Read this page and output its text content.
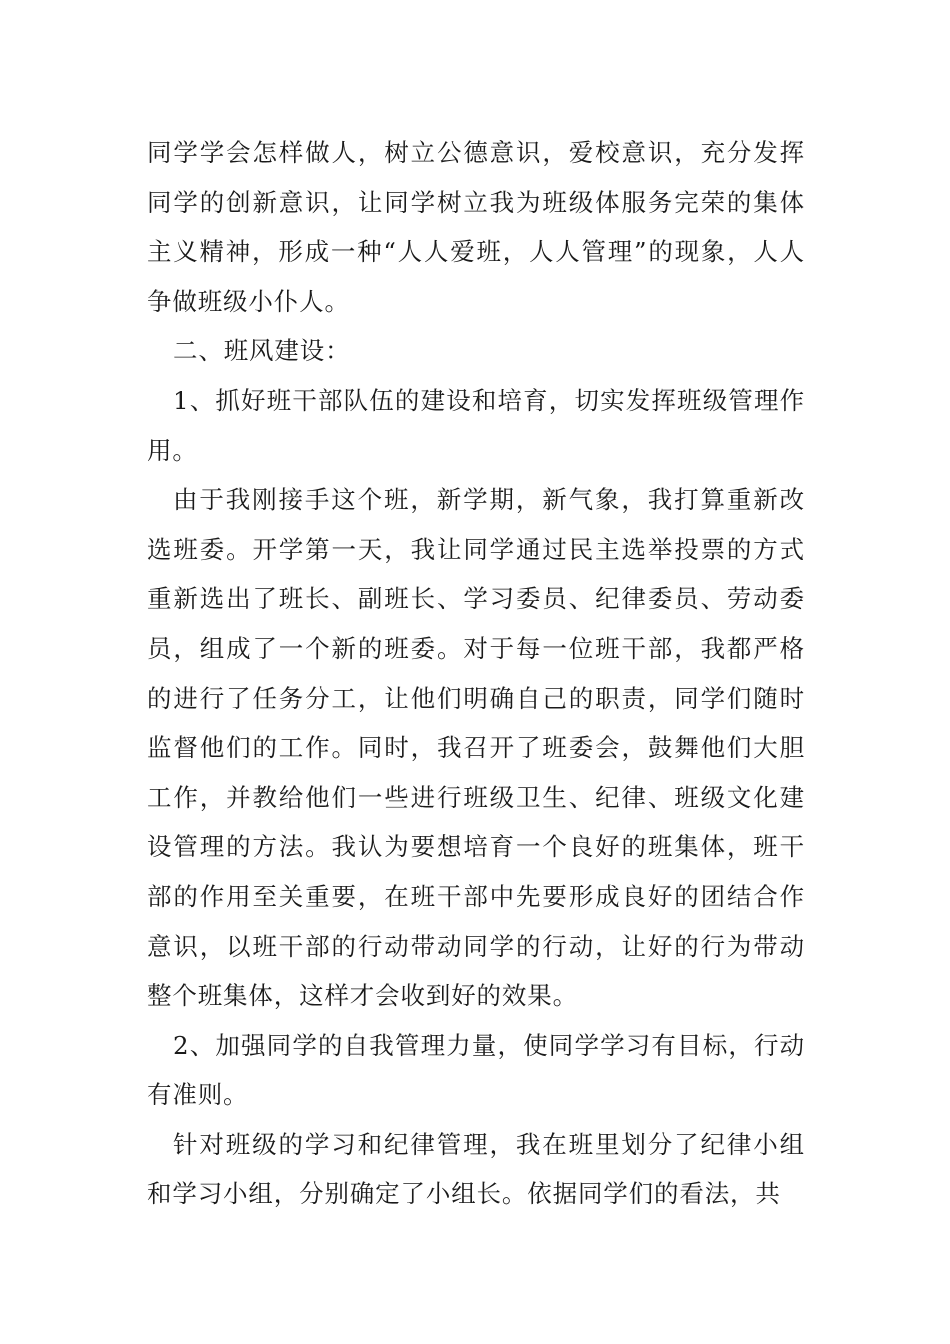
同学学会怎样做人，树立公德意识，爱校意识，充分发挥同学的创新意识，让同学树立我为班级体服务完荣的集体主义精神，形成一种“人人爱班，人人管理”的现象，人人争做班级小仆人。

二、班风建设：

1、抓好班干部队伍的建设和培育，切实发挥班级管理作用。

由于我刚接手这个班，新学期，新气象，我打算重新改选班委。开学第一天，我让同学通过民主选举投票的方式重新选出了班长、副班长、学习委员、纪律委员、劳动委员，组成了一个新的班委。对于每一位班干部，我都严格的进行了任务分工，让他们明确自己的职责，同学们随时监督他们的工作。同时，我召开了班委会，鼓舞他们大胆工作，并教给他们一些进行班级卫生、纪律、班级文化建设管理的方法。我认为要想培育一个良好的班集体，班干部的作用至关重要，在班干部中先要形成良好的团结合作意识，以班干部的行动带动同学的行动，让好的行为带动整个班集体，这样才会收到好的效果。

2、加强同学的自我管理力量，使同学学习有目标，行动有准则。

针对班级的学习和纪律管理，我在班里划分了纪律小组和学习小组，分别确定了小组长。依据同学们的看法，共
